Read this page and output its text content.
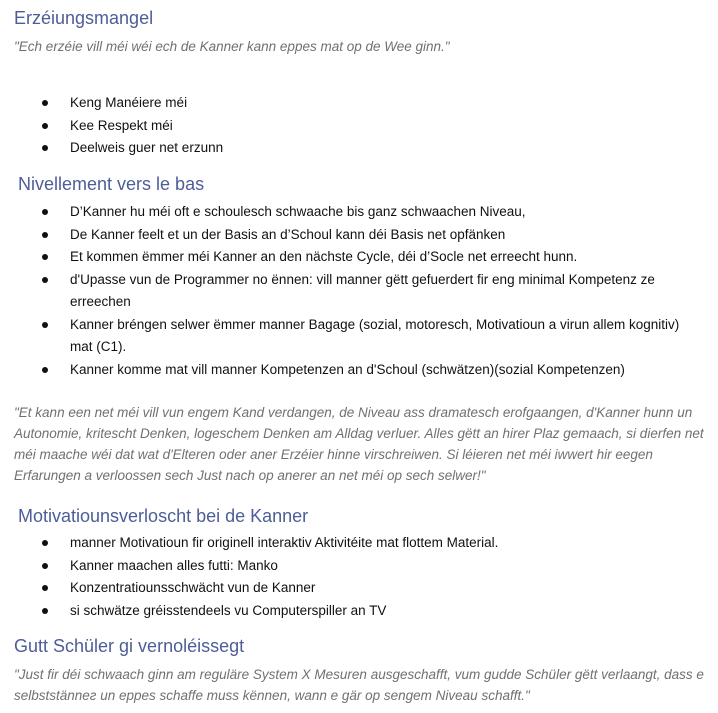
Erzéiungsmangel

"Ech erzéie vill méi wéi ech de Kanner kann eppes mat op de Wee ginn."

Keng Manéiere méi
Kee Respekt méi
Deelweis guer net erzunn
Nivellement vers le bas
D’Kanner hu méi oft e schoulesch schwaache bis ganz schwaachen Niveau,
De Kanner feelt et un der Basis an d’Schoul kann déi Basis net opfänken
Et kommen ëmmer méi Kanner an den nächste Cycle, déi d’Socle net erreecht hunn.
d'Upasse vun de Programmer no ënnen: vill manner gëtt gefuerdert fir eng minimal Kompetenz ze erreechen
Kanner bréngen selwer ëmmer manner Bagage (sozial, motoresch, Motivatioun a virun allem kognitiv) mat (C1).
Kanner komme mat vill manner Kompetenzen an d'Schoul (schwätzen)(sozial Kompetenzen)

"Et kann een net méi vill vun engem Kand verdangen, de Niveau ass dramatesch erofgaangen, d'Kanner hunn un Autonomie, kritescht Denken, logeschem Denken am Alldag verluer. Alles gëtt an hirer Plaz gemaach, si dierfen net méi maache wéi dat wat d'Elteren oder aner Erzéier hinne virschreiwen. Si léieren net méi iwwert hir eegen Erfarungen a verloossen sech Just nach op anerer an net méi op sech selwer!"

Motivatiounsverloscht bei de Kanner
manner Motivatioun fir originell interaktiv Aktivitéite mat flottem Material.
Kanner maachen alles futti: Manko
Konzentratiounsschwächt vun de Kanner
si schwätze gréisstendeels vu Computerspiller an TV
Gutt Schüler gi vernoléissegt

"Just fir déi schwaach ginn am reguläre System X Mesuren ausgeschafft, vum gudde Schüler gëtt verlaangt, dass e selbststännег un eppes schaffe muss kënnen, wann e gär op sengem Niveau schafft."
